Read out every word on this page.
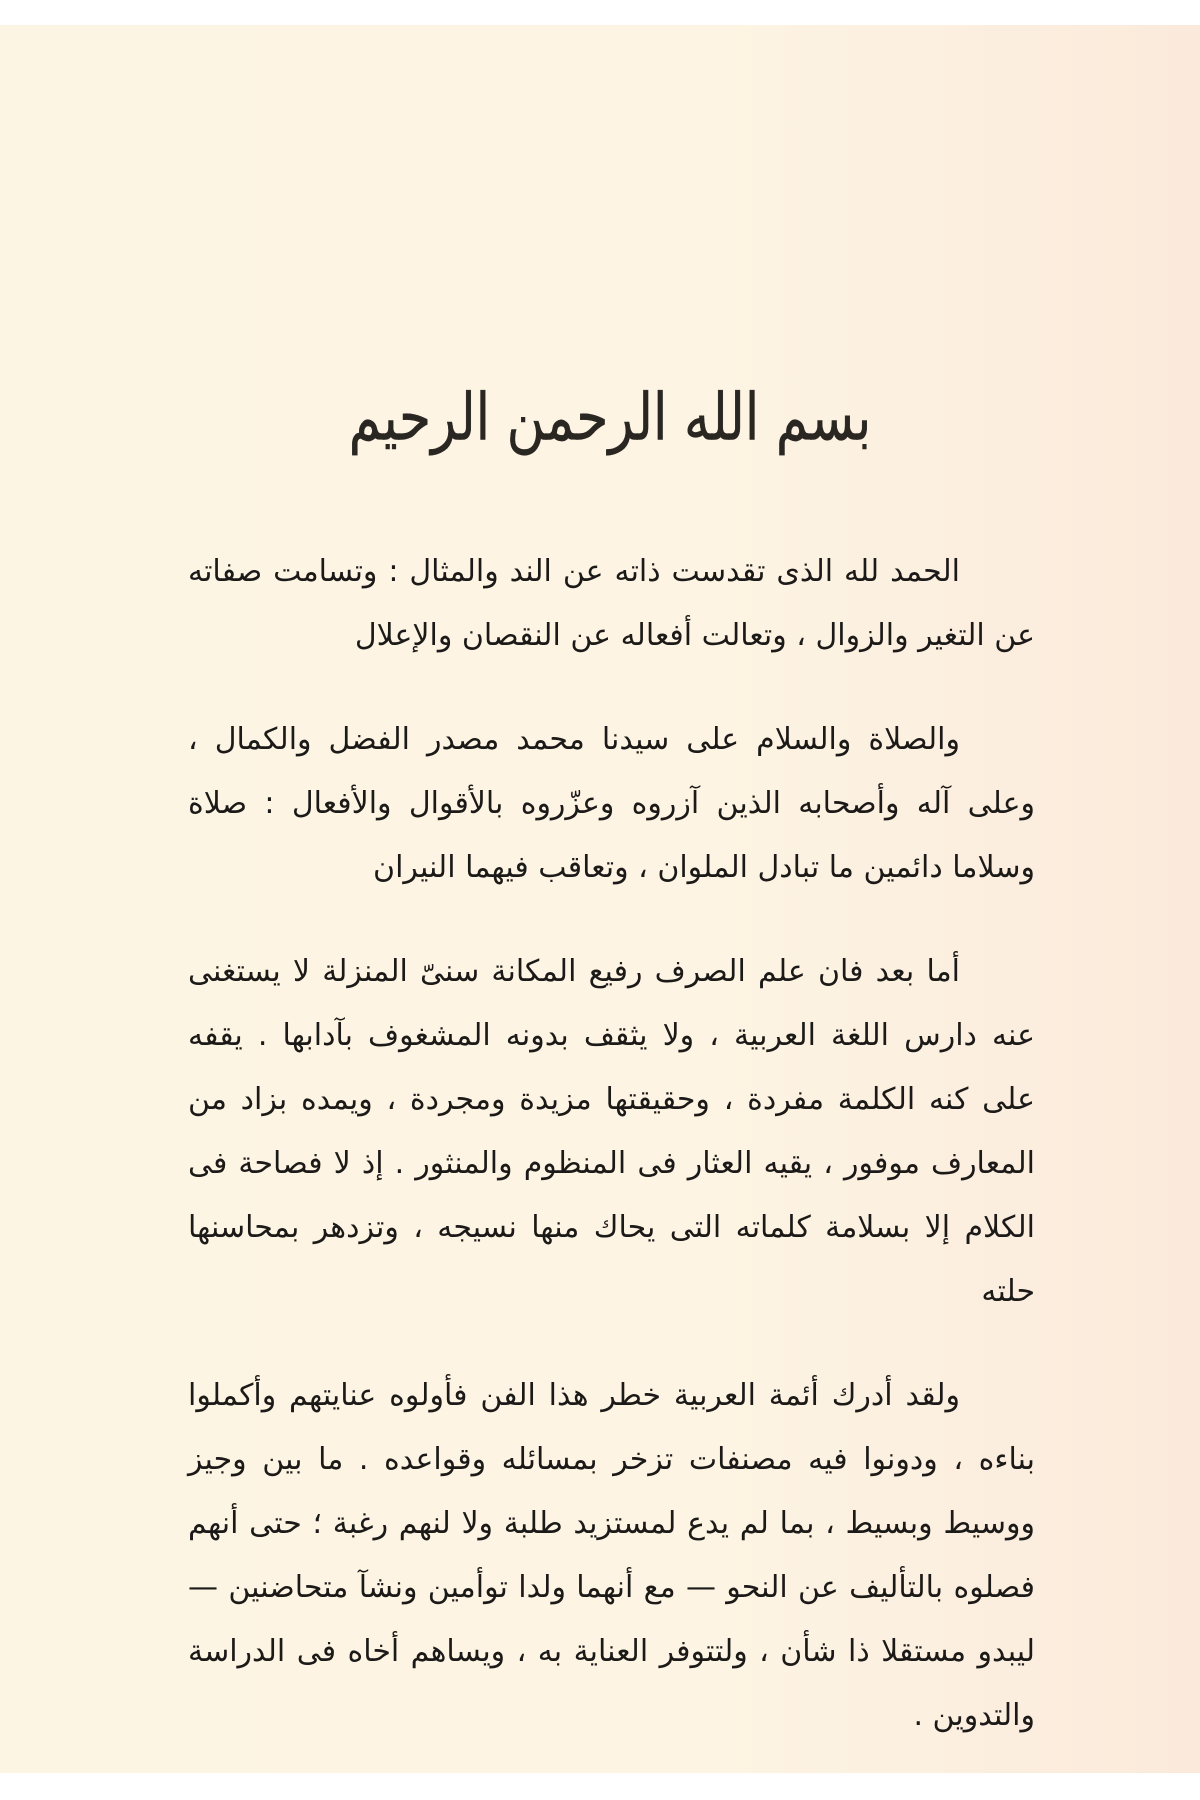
بسم الله الرحمن الرحيم

الحمد لله الذى تقدست ذاته عن الند والمثال : وتسامت صفاته عن التغير والزوال ، وتعالت أفعاله عن النقصان والإعلال

والصلاة والسلام على سيدنا محمد مصدر الفضل والكمال ، وعلى آله وأصحابه الذين آزروه وعزّروه بالأقوال والأفعال : صلاة وسلاما دائمين ما تبادل الملوان ، وتعاقب فيهما النيران

أما بعد فان علم الصرف رفيع المكانة سنىّ المنزلة لا يستغنى عنه دارس اللغة العربية ، ولا يثقف بدونه المشغوف بآدابها . يقفه على كنه الكلمة مفردة ، وحقيقتها مزيدة ومجردة ، ويمده بزاد من المعارف موفور ، يقيه العثار فى المنظوم والمنثور . إذ لا فصاحة فى الكلام إلا بسلامة كلماته التى يحاك منها نسيجه ، وتزدهر بمحاسنها حلته

ولقد أدرك أئمة العربية خطر هذا الفن فأولوه عنايتهم وأكملوا بناءه ، ودونوا فيه مصنفات تزخر بمسائله وقواعده . ما بين وجيز ووسيط وبسيط ، بما لم يدع لمستزيد طلبة ولا لنهم رغبة ؛ حتى أنهم فصلوه بالتأليف عن النحو — مع أنهما ولدا توأمين ونشآ متحاضنين — ليبدو مستقلا ذا شأن ، ولتتوفر العناية به ، ويساهم أخاه فى الدراسة والتدوين .
